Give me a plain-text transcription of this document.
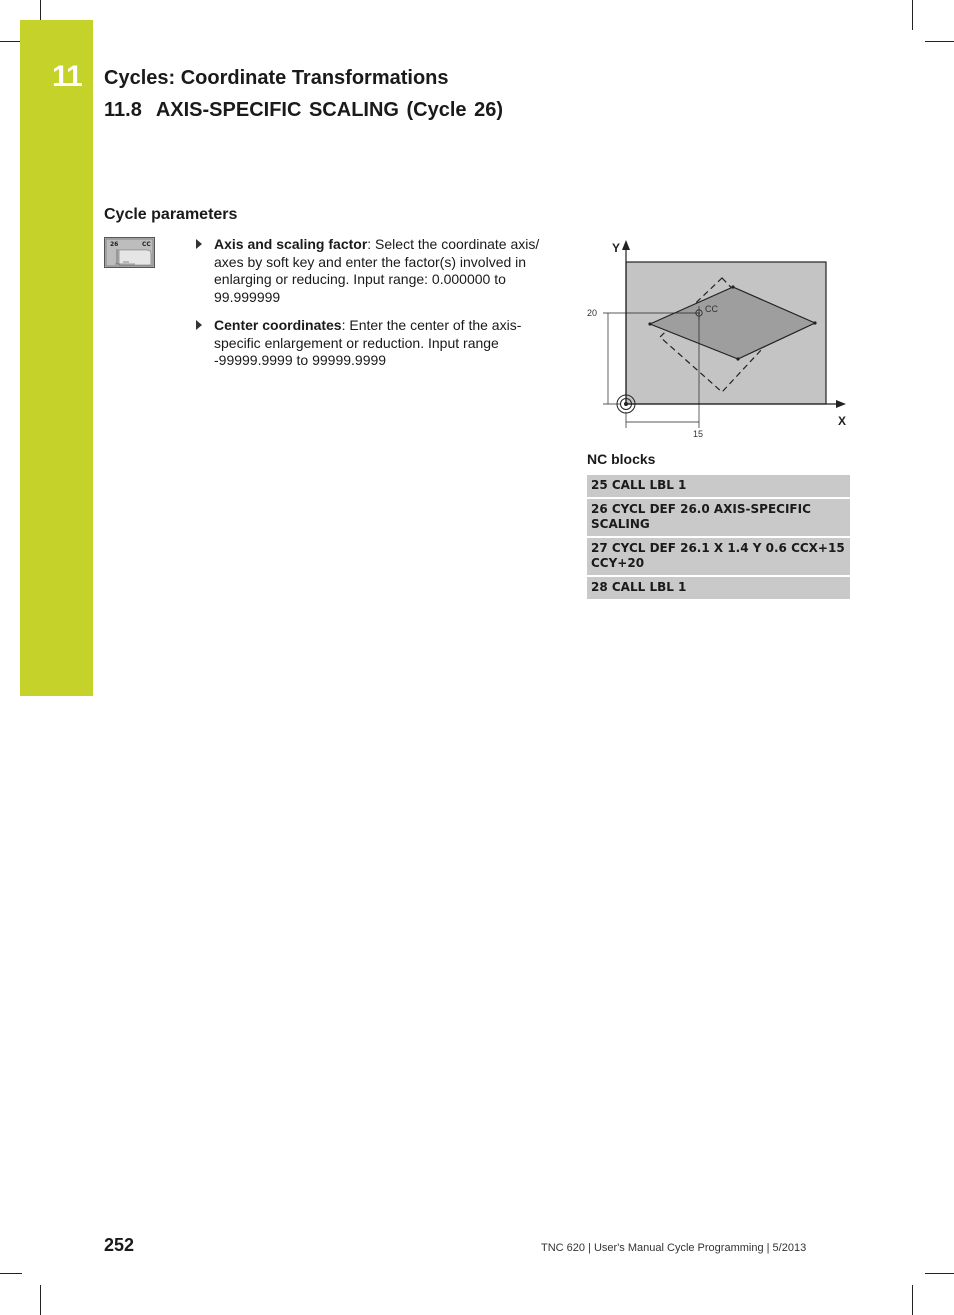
11 Cycles: Coordinate Transformations
11.8 AXIS-SPECIFIC SCALING (Cycle 26)
Cycle parameters
26	CC	Axis and scaling factor: Select the coordinate axis/ axes by soft key and enter the factor(s) involved in enlarging or reducing. Input range: 0.000000 to 99.999999
Center coordinates: Enter the center of the axis-specific enlargement or reduction. Input range -99999.9999 to 99999.9999
Y
X
20
15
CC
NC blocks
25 CALL LBL 1
26 CYCL DEF 26.0 AXIS-SPECIFIC SCALING
27 CYCL DEF 26.1 X 1.4 Y 0.6 CCX+15 CCY+20
28 CALL LBL 1
252	TNC 620 | User's Manual Cycle Programming | 5/2013
